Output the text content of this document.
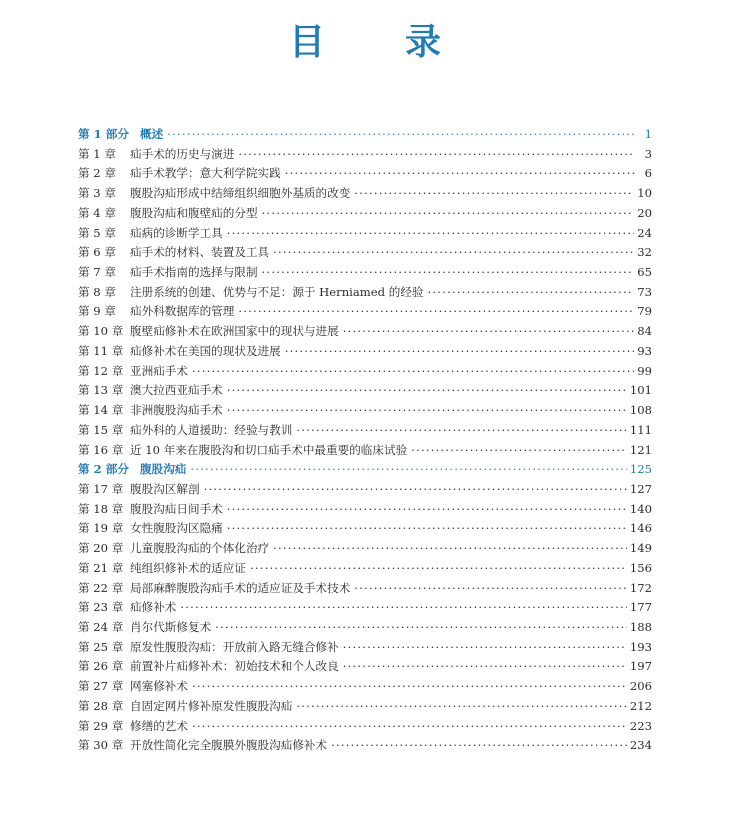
目 录
第 1 部分 概述 ·····	1
第 1 章	疝手术的历史与演进 ·····	3
第 2 章	疝手术教学：意大利学院实践 ·····	6
第 3 章	腹股沟疝形成中结缔组织细胞外基质的改变 ·····	10
第 4 章	腹股沟疝和腹壁疝的分型 ·····	20
第 5 章	疝病的诊断学工具 ·····	24
第 6 章	疝手术的材料、装置及工具 ·····	32
第 7 章	疝手术指南的选择与限制 ·····	65
第 8 章	注册系统的创建、优势与不足：源于 Herniamed 的经验 ·····	73
第 9 章	疝外科数据库的管理 ·····	79
第 10 章 腹壁疝修补术在欧洲国家中的现状与进展 ·····	84
第 11 章 疝修补术在美国的现状及进展 ·····	93
第 12 章 亚洲疝手术 ·····	99
第 13 章 澳大拉西亚疝手术 ·····	101
第 14 章 非洲腹股沟疝手术 ·····	108
第 15 章 疝外科的人道援助：经验与教训 ·····	111
第 16 章 近 10 年来在腹股沟和切口疝手术中最重要的临床试验 ·····	121
第 2 部分 腹股沟疝 ·····	125
第 17 章 腹股沟区解剖 ·····	127
第 18 章 腹股沟疝日间手术 ·····	140
第 19 章 女性腹股沟区隐痛 ·····	146
第 20 章 儿童腹股沟疝的个体化治疗 ·····	149
第 21 章 纯组织修补术的适应证 ·····	156
第 22 章 局部麻醉腹股沟疝手术的适应证及手术技术 ·····	172
第 23 章 疝修补术 ·····	177
第 24 章 肖尔代斯修复术 ·····	188
第 25 章 原发性腹股沟疝：开放前入路无缝合修补 ·····	193
第 26 章 前置补片疝修补术：初始技术和个人改良 ·····	197
第 27 章 网塞修补术 ·····	206
第 28 章 自固定网片修补原发性腹股沟疝 ·····	212
第 29 章 修缮的艺术 ·····	223
第 30 章 开放性简化完全腹膜外腹股沟疝修补术 ·····	234
